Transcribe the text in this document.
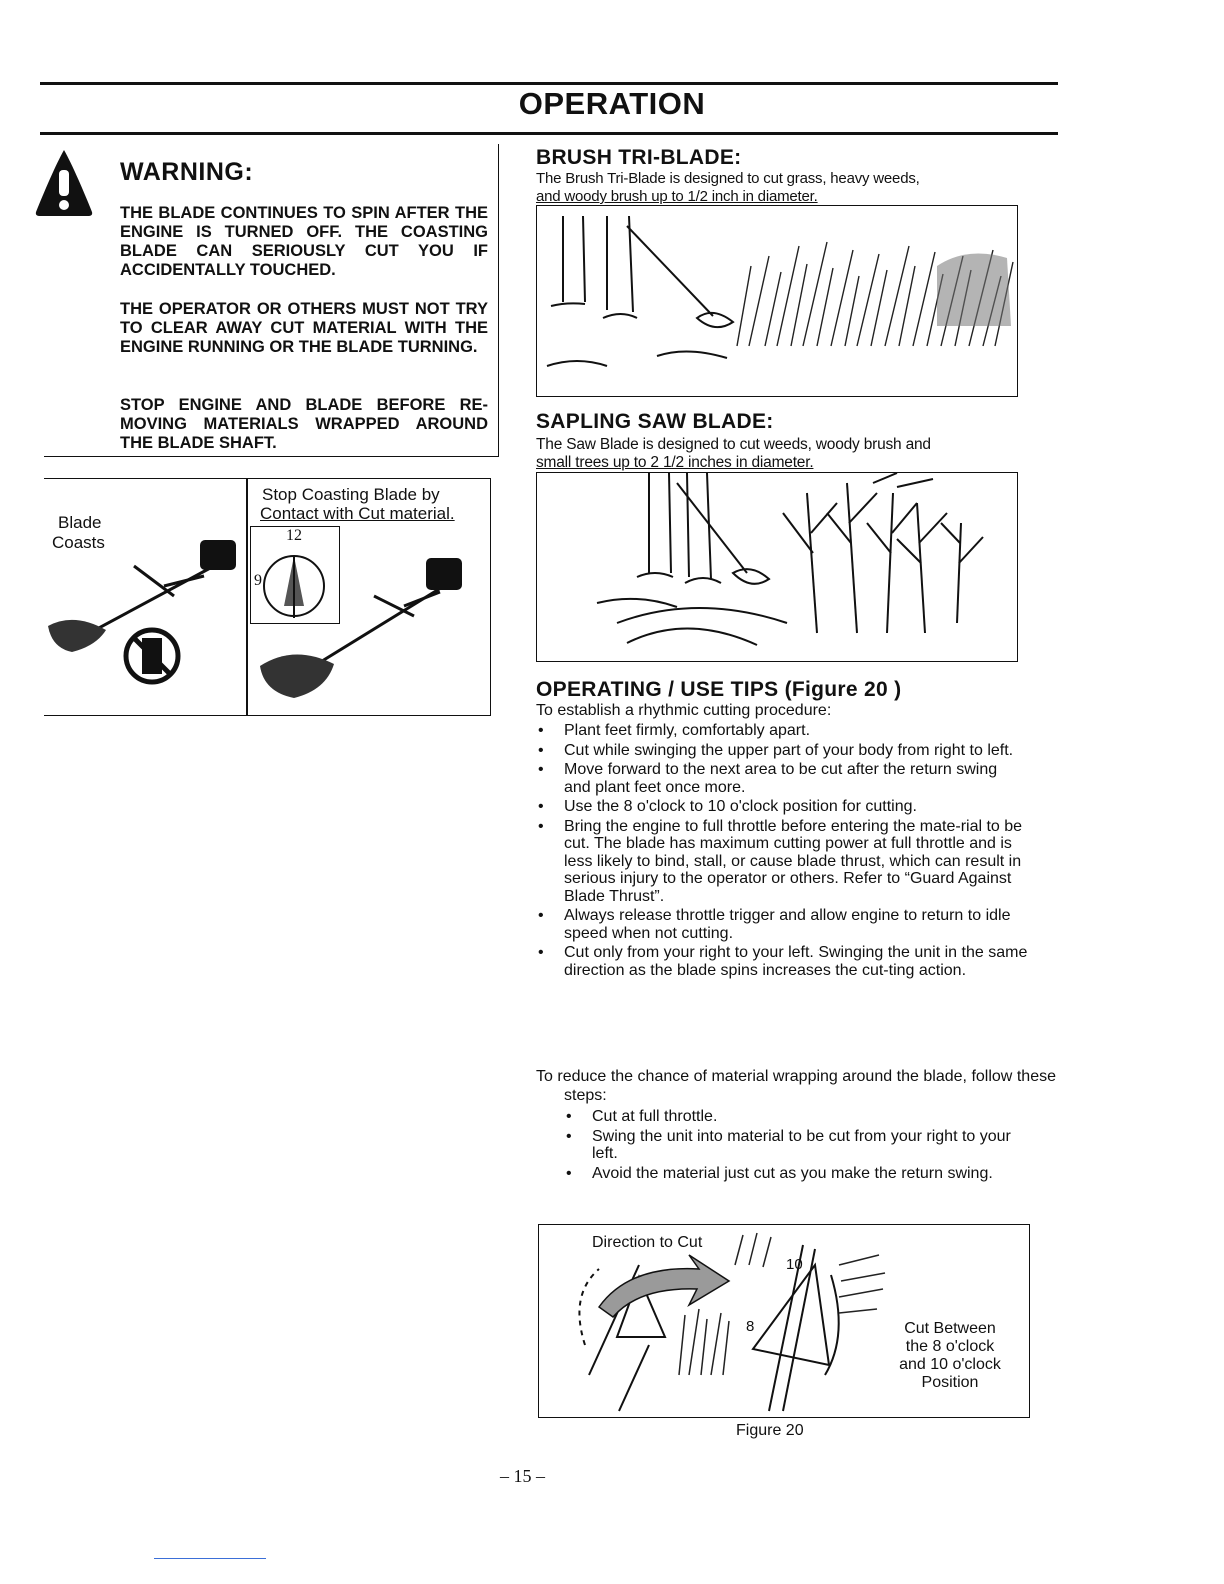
OPERATION
WARNING:
THE BLADE CONTINUES TO SPIN AFTER THE ENGINE IS TURNED OFF. THE COASTING BLADE CAN SERIOUSLY CUT YOU IF ACCIDENTALLY TOUCHED.
THE OPERATOR OR OTHERS MUST NOT TRY TO CLEAR AWAY CUT MATERIAL WITH THE ENGINE RUNNING OR THE BLADE TURNING.
STOP ENGINE AND BLADE BEFORE RE-MOVING MATERIALS WRAPPED AROUND THE BLADE SHAFT.
Blade
Coasts
Stop Coasting Blade by
Contact with Cut material.
12
9
BRUSH TRI-BLADE:
The Brush Tri-Blade is designed to cut grass, heavy weeds,
and woody brush up to 1/2 inch in diameter.
SAPLING SAW BLADE:
The Saw Blade is designed to cut weeds, woody brush and
small trees up to 2 1/2 inches in diameter.
OPERATING / USE TIPS (Figure 20 )
To establish a rhythmic cutting procedure:
• Plant feet firmly, comfortably apart.
• Cut while swinging the upper part of your body from right to left.
• Move forward to the next area to be cut after the return swing and plant feet once more.
• Use the 8 o'clock to 10 o'clock position for cutting.
• Bring the engine to full throttle before entering the mate-rial to be cut. The blade has maximum cutting power at full throttle and is less likely to bind, stall, or cause blade thrust, which can result in serious injury to the operator or others. Refer to “Guard Against Blade Thrust”.
• Always release throttle trigger and allow engine to return to idle speed when not cutting.
• Cut only from your right to your left. Swinging the unit in the same direction as the blade spins increases the cut-ting action.
To reduce the chance of material wrapping around the blade, follow these steps:
• Cut at full throttle.
• Swing the unit into material to be cut from your right to your left.
• Avoid the material just cut as you make the return swing.
Direction to Cut
10
8	Cut Between
the 8 o'clock
and 10 o'clock
Position
Figure 20
– 15 –
